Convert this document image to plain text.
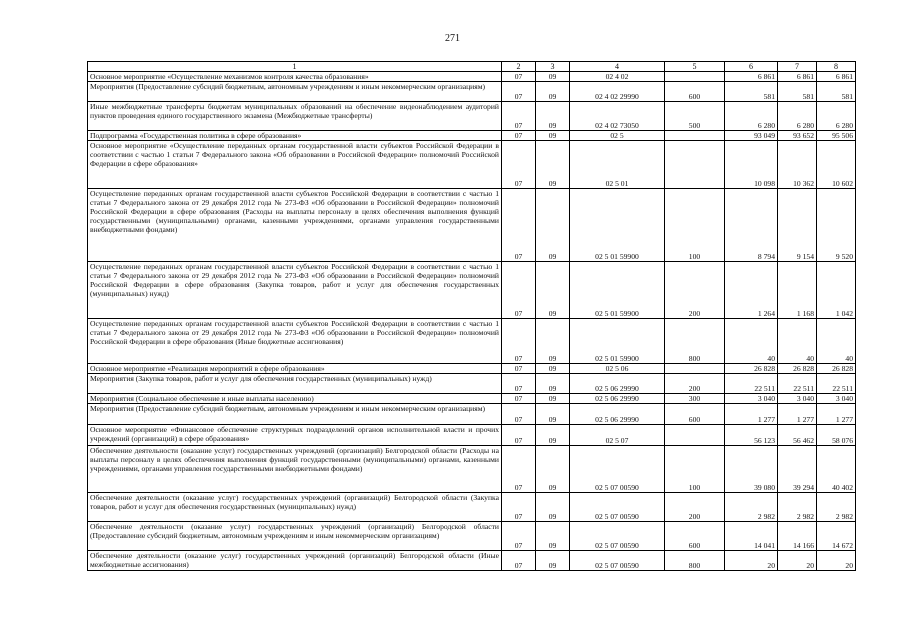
271
1	2	3	4	5	6	7	8
Основное мероприятие «Осуществление механизмов контроля качества образования»	07	09	02 4 02		6 861	6 861	6 861
Мероприятия (Предоставление субсидий бюджетным, автономным учреждениям и иным некоммерческим организациям)	07	09	02 4 02 29990	600	581	581	581
Иные межбюджетные трансферты бюджетам муниципальных образований на обеспечение видеонаблюдением аудиторий пунктов проведения единого государственного экзамена (Межбюджетные трансферты)	07	09	02 4 02 73050	500	6 280	6 280	6 280
Подпрограмма «Государственная политика в сфере образования»	07	09	02 5		93 049	93 652	95 506
Основное мероприятие «Осуществление переданных органам государственной власти субъектов Российской Федерации в соответствии с частью 1 статьи 7 Федерального закона «Об образовании в Российской Федерации» полномочий Российской Федерации в сфере образования»	07	09	02 5 01		10 098	10 362	10 602
Осуществление переданных органам государственной власти субъектов Российской Федерации в соответствии с частью 1 статьи 7 Федерального закона от 29 декабря 2012 года № 273-ФЗ «Об образовании в Российской Федерации» полномочий Российской Федерации в сфере образования (Расходы на выплаты персоналу в целях обеспечения выполнения функций государственными (муниципальными) органами, казенными учреждениями, органами управления государственными внебюджетными фондами)	07	09	02 5 01 59900	100	8 794	9 154	9 520
Осуществление переданных органам государственной власти субъектов Российской Федерации в соответствии с частью 1 статьи 7 Федерального закона от 29 декабря 2012 года № 273-ФЗ «Об образовании в Российской Федерации» полномочий Российской Федерации в сфере образования (Закупка товаров, работ и услуг для обеспечения государственных (муниципальных) нужд)	07	09	02 5 01 59900	200	1 264	1 168	1 042
Осуществление переданных органам государственной власти субъектов Российской Федерации в соответствии с частью 1 статьи 7 Федерального закона от 29 декабря 2012 года № 273-ФЗ «Об образовании в Российской Федерации» полномочий Российской Федерации в сфере образования (Иные бюджетные ассигнования)	07	09	02 5 01 59900	800	40	40	40
Основное мероприятие «Реализация мероприятий в сфере образования»	07	09	02 5 06		26 828	26 828	26 828
Мероприятия (Закупка товаров, работ и услуг для обеспечения государственных (муниципальных) нужд)	07	09	02 5 06 29990	200	22 511	22 511	22 511
Мероприятия (Социальное обеспечение и иные выплаты населению)	07	09	02 5 06 29990	300	3 040	3 040	3 040
Мероприятия (Предоставление субсидий бюджетным, автономным учреждениям и иным некоммерческим организациям)	07	09	02 5 06 29990	600	1 277	1 277	1 277
Основное мероприятие «Финансовое обеспечение структурных подразделений органов исполнительной власти и прочих учреждений (организаций) в сфере образования»	07	09	02 5 07		56 123	56 462	58 076
Обеспечение деятельности (оказание услуг) государственных учреждений (организаций) Белгородской области (Расходы на выплаты персоналу в целях обеспечения выполнения функций государственными (муниципальными) органами, казенными учреждениями, органами управления государственными внебюджетными фондами)	07	09	02 5 07 00590	100	39 080	39 294	40 402
Обеспечение деятельности (оказание услуг) государственных учреждений (организаций) Белгородской области (Закупка товаров, работ и услуг для обеспечения государственных (муниципальных) нужд)	07	09	02 5 07 00590	200	2 982	2 982	2 982
Обеспечение деятельности (оказание услуг) государственных учреждений (организаций) Белгородской области (Предоставление субсидий бюджетным, автономным учреждениям и иным некоммерческим организациям)	07	09	02 5 07 00590	600	14 041	14 166	14 672
Обеспечение деятельности (оказание услуг) государственных учреждений (организаций) Белгородской области (Иные межбюджетные ассигнования)	07	09	02 5 07 00590	800	20	20	20
